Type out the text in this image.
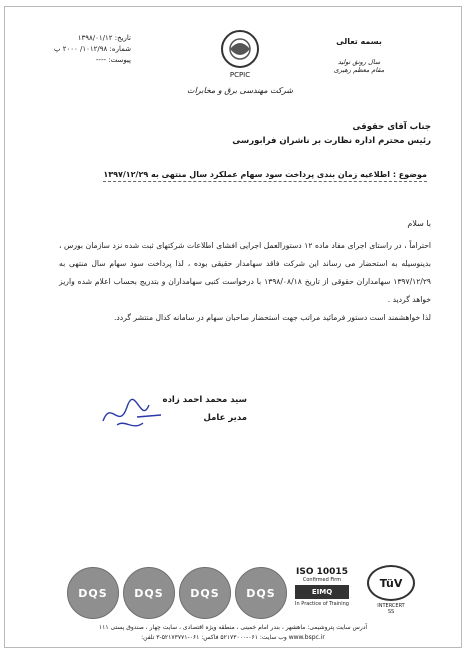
بسمه تعالی
سال رونق تولید
مقام معظم رهبری
PCPIC
شرکت مهندسی برق و مخابرات
تاریخ: ۱۳۹۸/۰۱/۱۲
شماره: ۱۰۱۲/۹۸/ ۲۰۰۰ پ
پیوست: ----
جناب آقای حقوقی
رئیس محترم اداره نظارت بر ناشران فرابورسی
موضوع : اطلاعیه زمان بندی پرداخت سود سهام عملکرد سال منتهی به ۱۳۹۷/۱۲/۲۹
با سلام
احتراماً ، در راستای اجرای مفاد ماده ۱۲ دستورالعمل اجرایی افشای اطلاعات شرکتهای ثبت شده نزد سازمان بورس ، بدینوسیله به استحضار می رساند این شرکت فاقد سهامدار حقیقی بوده ، لذا پرداخت سود سهام سال منتهی به ۱۳۹۷/۱۲/۲۹ سهامداران حقوقی از تاریخ ۱۳۹۸/۰۸/۱۸ با درخواست کتبی سهامداران و بتدریج بحساب اعلام شده واریز خواهد گردید .
لذا خواهشمند است دستور فرمائید مراتب جهت استحضار صاحبان سهام در سامانه کدال منتشر گردد.
سید محمد احمد زاده
مدیر عامل
DQS	DQS	DQS	DQS
ISO 10015
Confirmed Firm
EIMQ
In Practice of Training
TüV
INTERCERT
SS
آدرس سایت پتروشیمی: ماهشهر ، بندر امام خمینی ، منطقه ویژه اقتصادی ، سایت چهار ، صندوق پستی ۱۱۱
www.bspc.ir وب سایت: ۰۶۱-۵۲۱۷۳۰۰۰ فاکس: ۰۶۱-۵۲۱۷۳۷۷۱-۳ تلفن:
